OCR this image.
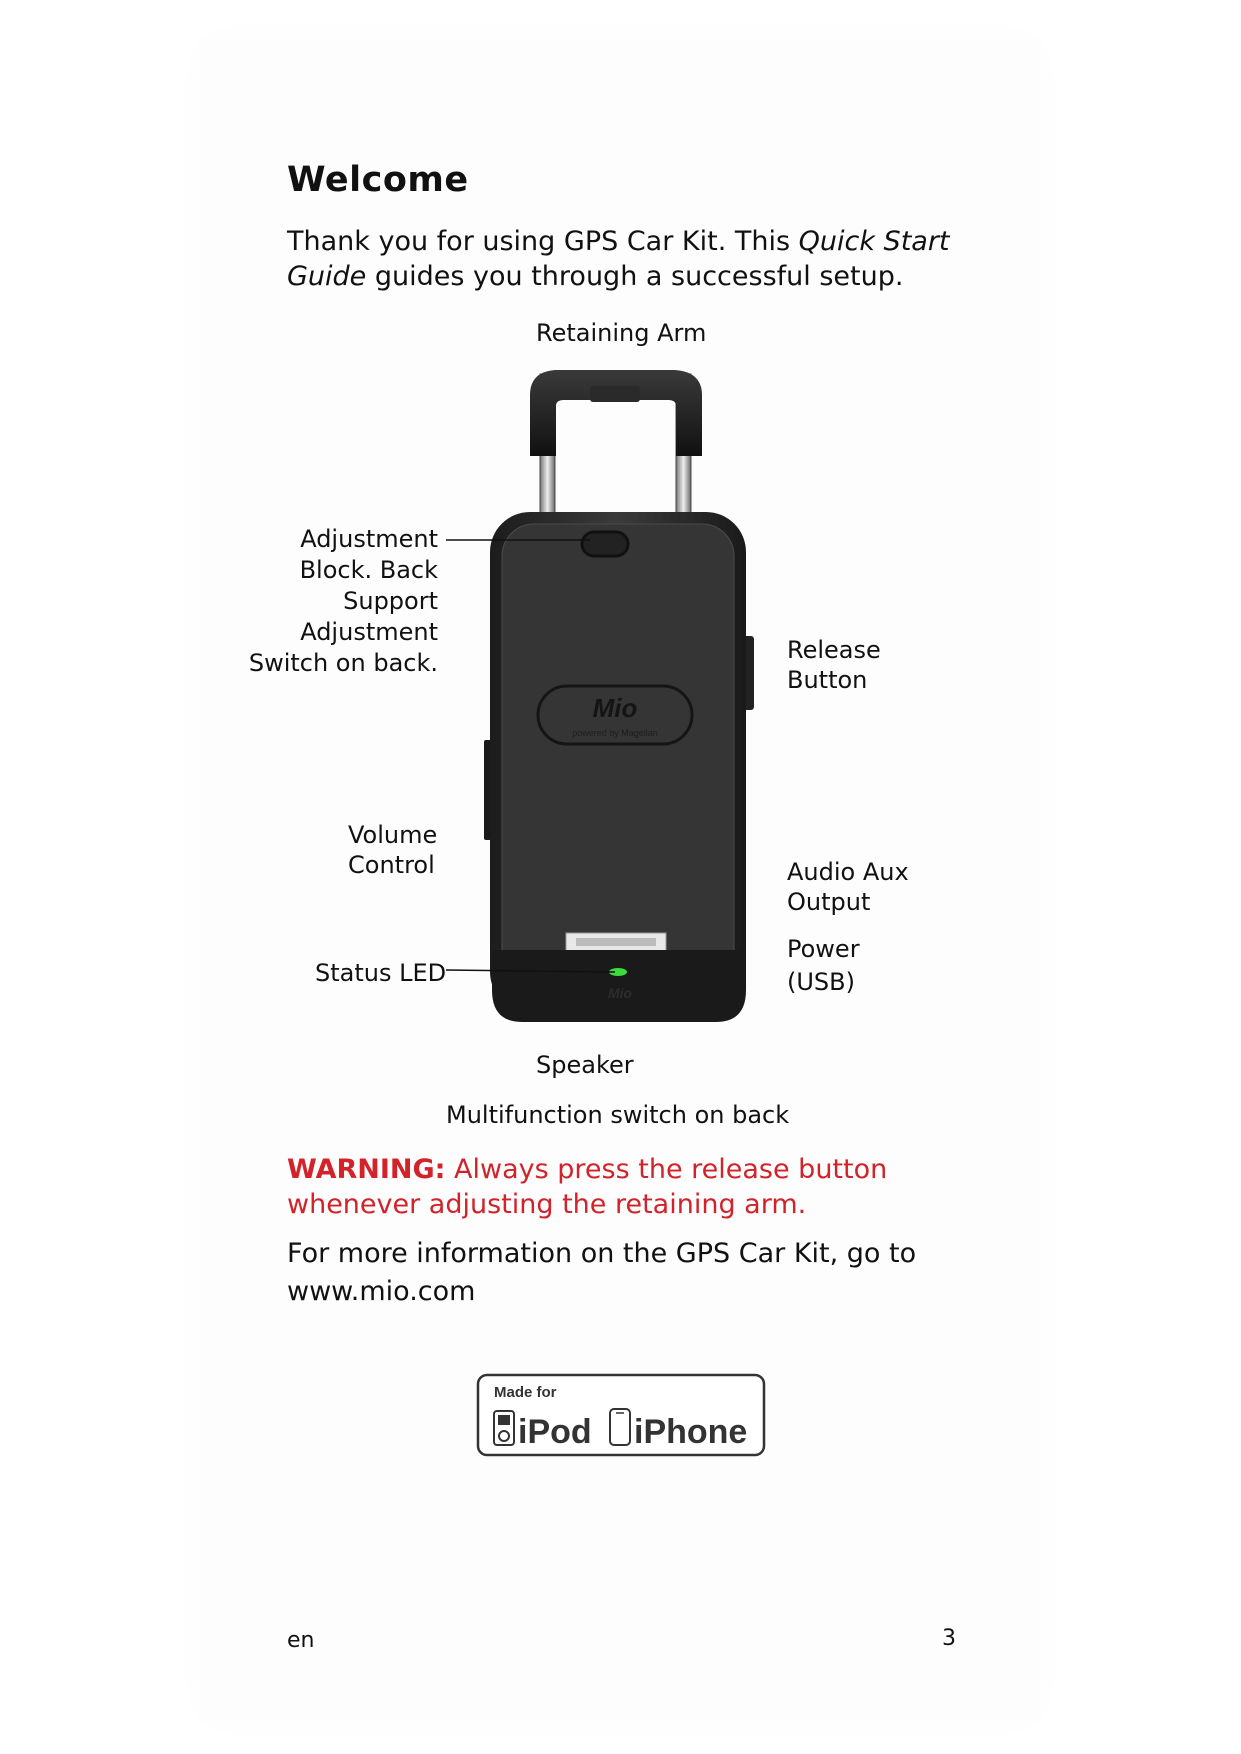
Welcome
Thank you for using GPS Car Kit. This Quick Start Guide guides you through a successful setup.
Retaining Arm
Adjustment
Block. Back
Support
Adjustment
Switch on back.	Release
Button
Volume
Control	Audio Aux
Output
Power
(USB)
Status LED
Speaker
Multifunction switch on back
Mio
powered by Magellan
Mio
WARNING: Always press the release button whenever adjusting the retaining arm.
For more information on the GPS Car Kit, go to
www.mio.com
Made for
iPod iPhone
en	3
